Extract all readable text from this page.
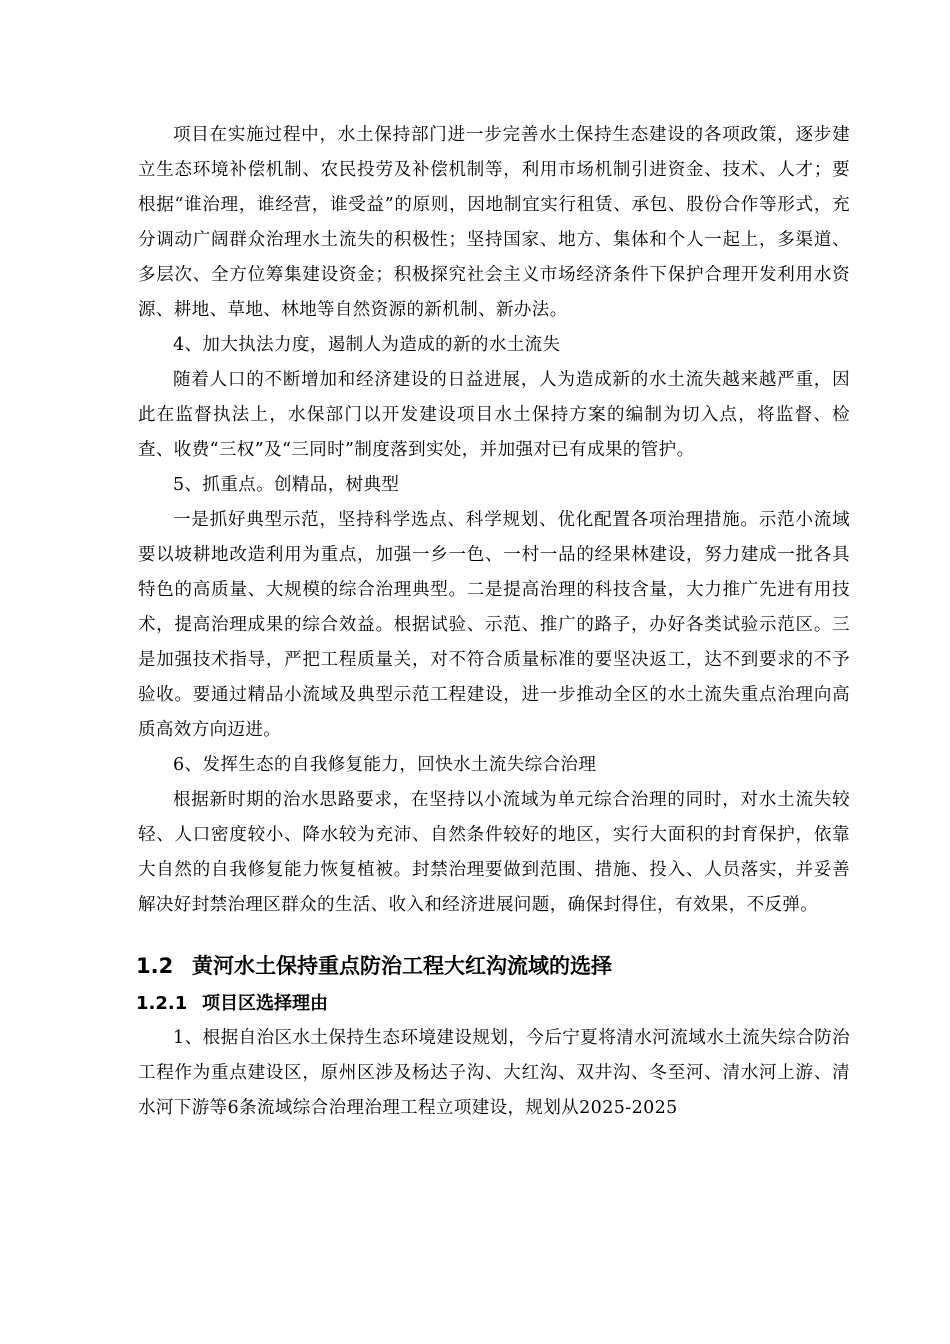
项目在实施过程中，水土保持部门进一步完善水土保持生态建设的各项政策，逐步建立生态环境补偿机制、农民投劳及补偿机制等，利用市场机制引进资金、技术、人才；要根据“谁治理，谁经营，谁受益”的原则，因地制宜实行租赁、承包、股份合作等形式，充分调动广阔群众治理水土流失的积极性；坚持国家、地方、集体和个人一起上，多渠道、多层次、全方位筹集建设资金；积极探究社会主义市场经济条件下保护合理开发利用水资源、耕地、草地、林地等自然资源的新机制、新办法。

4、加大执法力度，遏制人为造成的新的水土流失

随着人口的不断增加和经济建设的日益进展，人为造成新的水土流失越来越严重，因此在监督执法上，水保部门以开发建设项目水土保持方案的编制为切入点，将监督、检查、收费“三权”及“三同时”制度落到实处，并加强对已有成果的管护。

5、抓重点。创精品，树典型

一是抓好典型示范，坚持科学选点、科学规划、优化配置各项治理措施。示范小流域要以坡耕地改造利用为重点，加强一乡一色、一村一品的经果林建设，努力建成一批各具特色的高质量、大规模的综合治理典型。二是提高治理的科技含量，大力推广先进有用技术，提高治理成果的综合效益。根据试验、示范、推广的路子，办好各类试验示范区。三是加强技术指导，严把工程质量关，对不符合质量标准的要坚决返工，达不到要求的不予验收。要通过精品小流域及典型示范工程建设，进一步推动全区的水土流失重点治理向高质高效方向迈进。

6、发挥生态的自我修复能力，回快水土流失综合治理

根据新时期的治水思路要求，在坚持以小流域为单元综合治理的同时，对水土流失较轻、人口密度较小、降水较为充沛、自然条件较好的地区，实行大面积的封育保护，依靠大自然的自我修复能力恢复植被。封禁治理要做到范围、措施、投入、人员落实，并妥善解决好封禁治理区群众的生活、收入和经济进展问题，确保封得住，有效果，不反弹。

1.2 黄河水土保持重点防治工程大红沟流域的选择
1.2.1 项目区选择理由

1、根据自治区水土保持生态环境建设规划，今后宁夏将清水河流域水土流失综合防治工程作为重点建设区，原州区涉及杨达子沟、大红沟、双井沟、冬至河、清水河上游、清水河下游等6条流域综合治理治理工程立项建设，规划从2025-2025
